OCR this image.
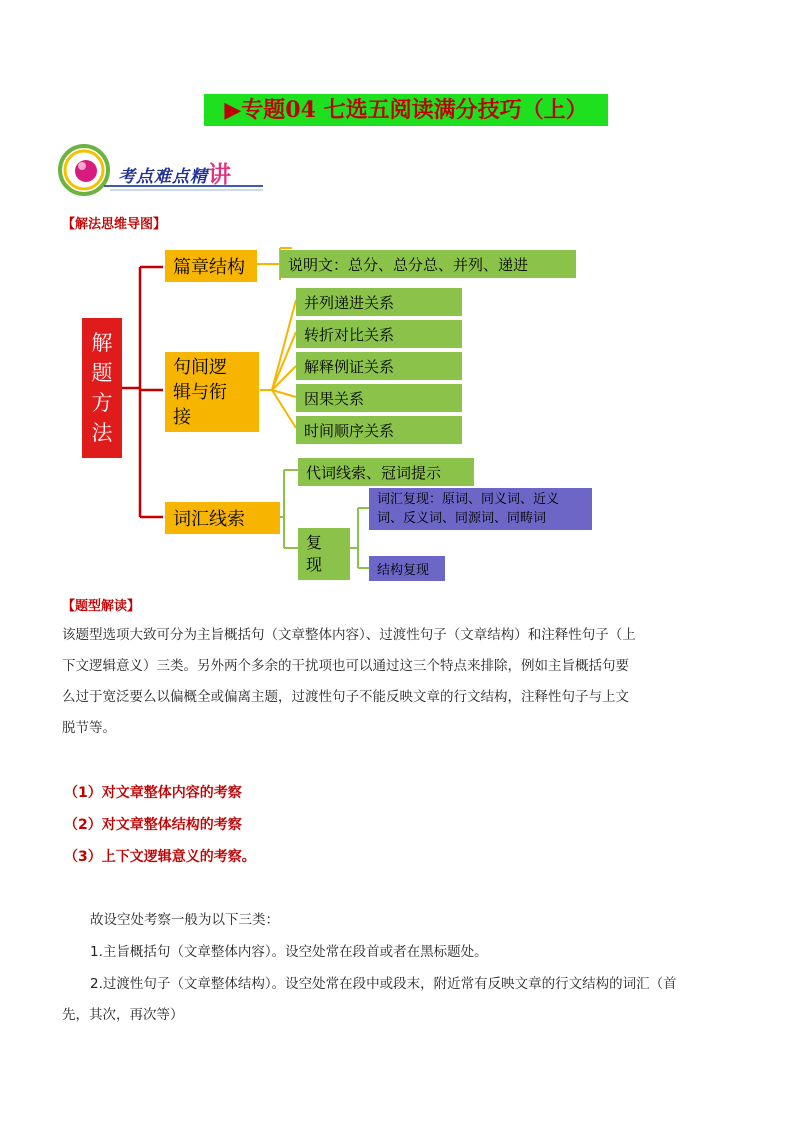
▶专题04 七选五阅读满分技巧（上）
考点难点精讲
【解法思维导图】
解
题
方
法
篇章结构	说明文：总分、总分总、并列、递进
句间逻
辑与衔
接
并列递进关系
转折对比关系
解释例证关系
因果关系
时间顺序关系
词汇线索
代词线索、冠词提示
复
现
词汇复现：原词、同义词、近义
词、反义词、同源词、同畴词
结构复现
【题型解读】
该题型选项大致可分为主旨概括句（文章整体内容）、过渡性句子（文章结构）和注释性句子（上
下文逻辑意义）三类。另外两个多余的干扰项也可以通过这三个特点来排除，例如主旨概括句要
么过于宽泛要么以偏概全或偏离主题，过渡性句子不能反映文章的行文结构，注释性句子与上文
脱节等。
（1）对文章整体内容的考察
（2）对文章整体结构的考察
（3）上下文逻辑意义的考察。
故设空处考察一般为以下三类：
1.主旨概括句（文章整体内容）。设空处常在段首或者在黑标题处。
2.过渡性句子（文章整体结构）。设空处常在段中或段末，附近常有反映文章的行文结构的词汇（首
先，其次，再次等）
